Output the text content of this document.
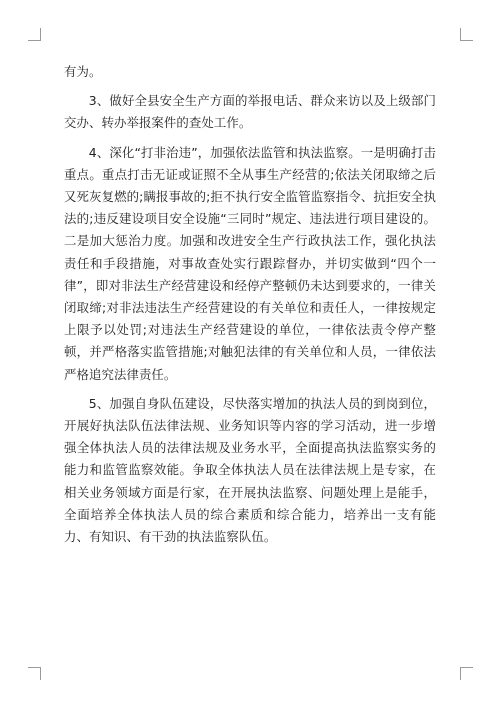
有为。

3、做好全县安全生产方面的举报电话、群众来访以及上级部门交办、转办举报案件的查处工作。

4、深化“打非治违”，加强依法监管和执法监察。一是明确打击重点。重点打击无证或证照不全从事生产经营的;依法关闭取缔之后又死灰复燃的;瞒报事故的;拒不执行安全监管监察指令、抗拒安全执法的;违反建设项目安全设施“三同时”规定、违法进行项目建设的。二是加大惩治力度。加强和改进安全生产行政执法工作，强化执法责任和手段措施，对事故查处实行跟踪督办，并切实做到“四个一律”，即对非法生产经营建设和经停产整顿仍未达到要求的，一律关闭取缔;对非法违法生产经营建设的有关单位和责任人，一律按规定上限予以处罚;对违法生产经营建设的单位，一律依法责令停产整顿，并严格落实监管措施;对触犯法律的有关单位和人员，一律依法严格追究法律责任。

5、加强自身队伍建设，尽快落实增加的执法人员的到岗到位，开展好执法队伍法律法规、业务知识等内容的学习活动，进一步增强全体执法人员的法律法规及业务水平，全面提高执法监察实务的能力和监管监察效能。争取全体执法人员在法律法规上是专家，在相关业务领域方面是行家，在开展执法监察、问题处理上是能手，全面培养全体执法人员的综合素质和综合能力，培养出一支有能力、有知识、有干劲的执法监察队伍。
